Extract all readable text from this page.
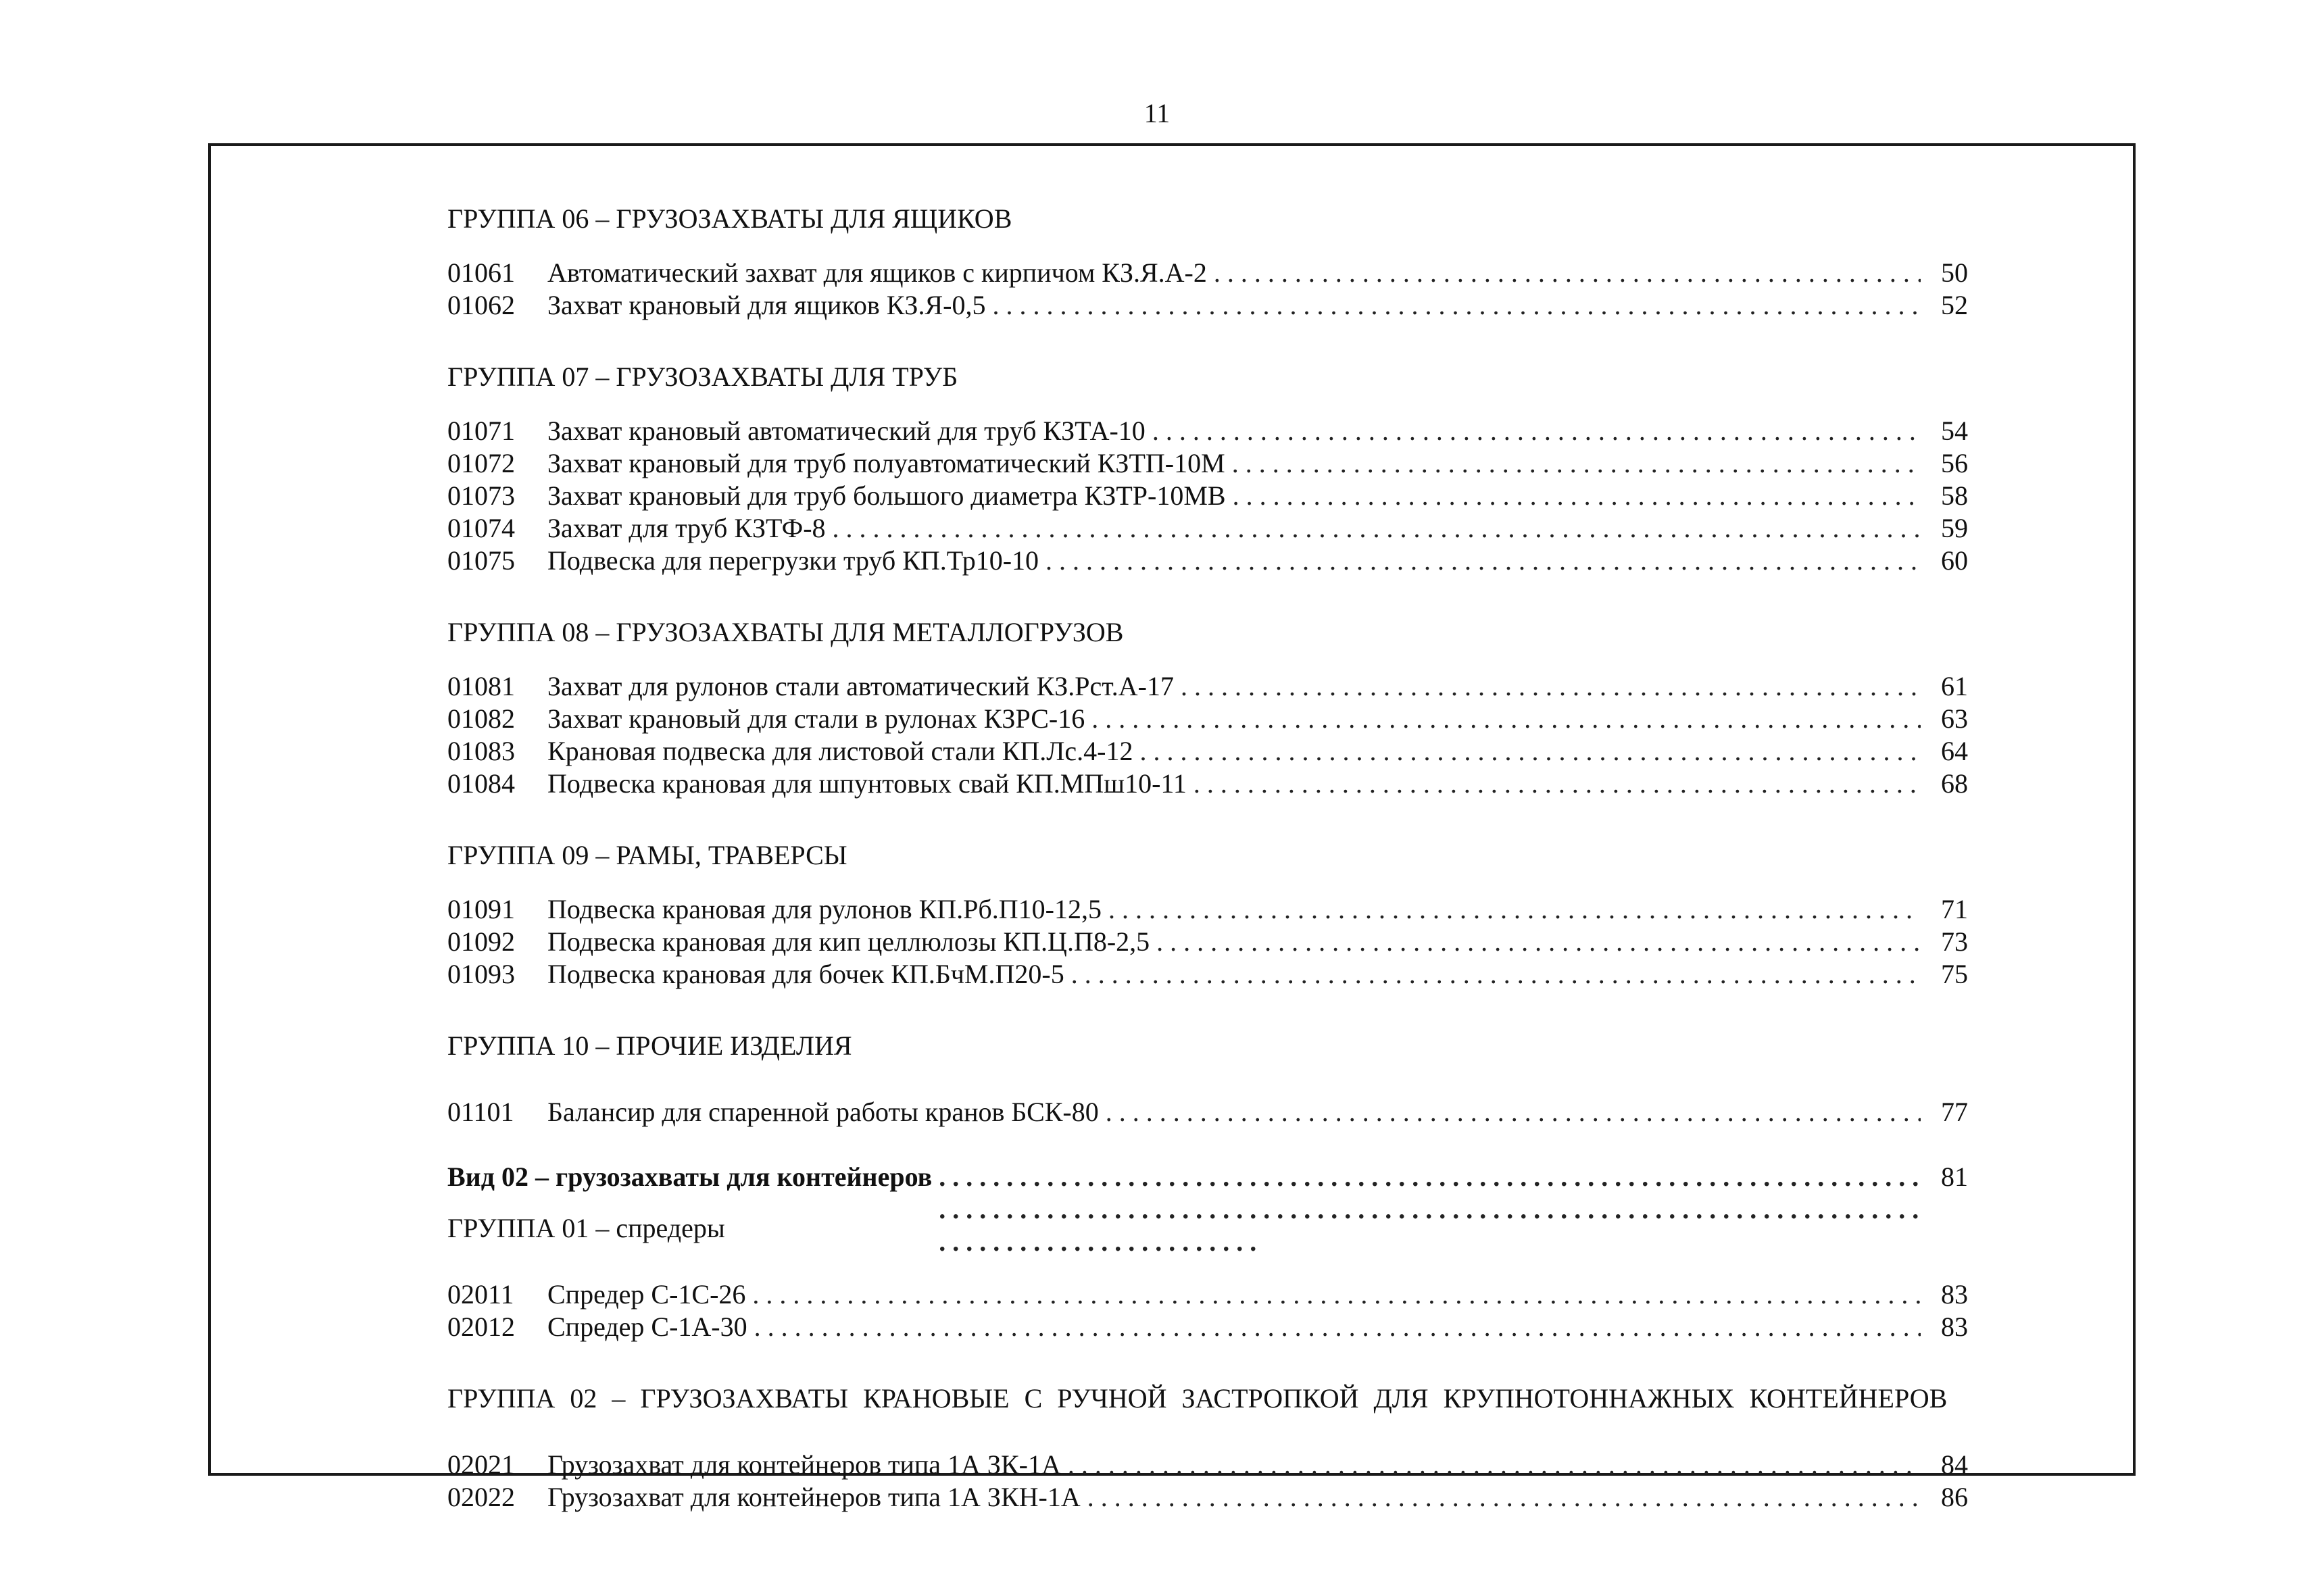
11
ГРУППА 06 – ГРУЗОЗАХВАТЫ ДЛЯ ЯЩИКОВ
01061	Автоматический захват для ящиков с кирпичом КЗ.Я.А-2 . . .	50
01062	Захват крановый для ящиков КЗ.Я-0,5 . . .	52
ГРУППА 07 – ГРУЗОЗАХВАТЫ ДЛЯ ТРУБ
01071	Захват крановый автоматический для труб КЗТА-10 . . .	54
01072	Захват крановый для труб полуавтоматический КЗТП-10М . . .	56
01073	Захват крановый для труб большого диаметра КЗТР-10МВ . . .	58
01074	Захват для труб КЗТФ-8 . . .	59
01075	Подвеска для перегрузки труб КП.Тр10-10 . . .	60
ГРУППА 08 – ГРУЗОЗАХВАТЫ ДЛЯ МЕТАЛЛОГРУЗОВ
01081	Захват для рулонов стали автоматический КЗ.Рст.А-17 . . .	61
01082	Захват крановый для стали в рулонах КЗРС-16 . . .	63
01083	Крановая подвеска для листовой стали КП.Лс.4-12 . . .	64
01084	Подвеска крановая для шпунтовых свай КП.МПш10-11 . . .	68
ГРУППА 09 – РАМЫ, ТРАВЕРСЫ
01091	Подвеска крановая для рулонов КП.Рб.П10-12,5 . . .	71
01092	Подвеска крановая для кип целлюлозы КП.Ц.П8-2,5 . . .	73
01093	Подвеска крановая для бочек КП.БчМ.П20-5 . . .	75
ГРУППА 10 – ПРОЧИЕ ИЗДЕЛИЯ
01101	Балансир для спаренной работы кранов БСК-80 . . .	77
Вид 02 – грузозахваты для контейнеров . . .	81
ГРУППА 01 – спредеры
02011	Спредер С-1С-26 . . .	83
02012	Спредер С-1А-30 . . .	83
ГРУППА 02 – ГРУЗОЗАХВАТЫ КРАНОВЫЕ С РУЧНОЙ ЗАСТРОПКОЙ ДЛЯ КРУПНОТОННАЖНЫХ КОНТЕЙНЕРОВ
02021	Грузозахват для контейнеров типа 1А ЗК-1А . . .	84
02022	Грузозахват для контейнеров типа 1А ЗКН-1А . . .	86
